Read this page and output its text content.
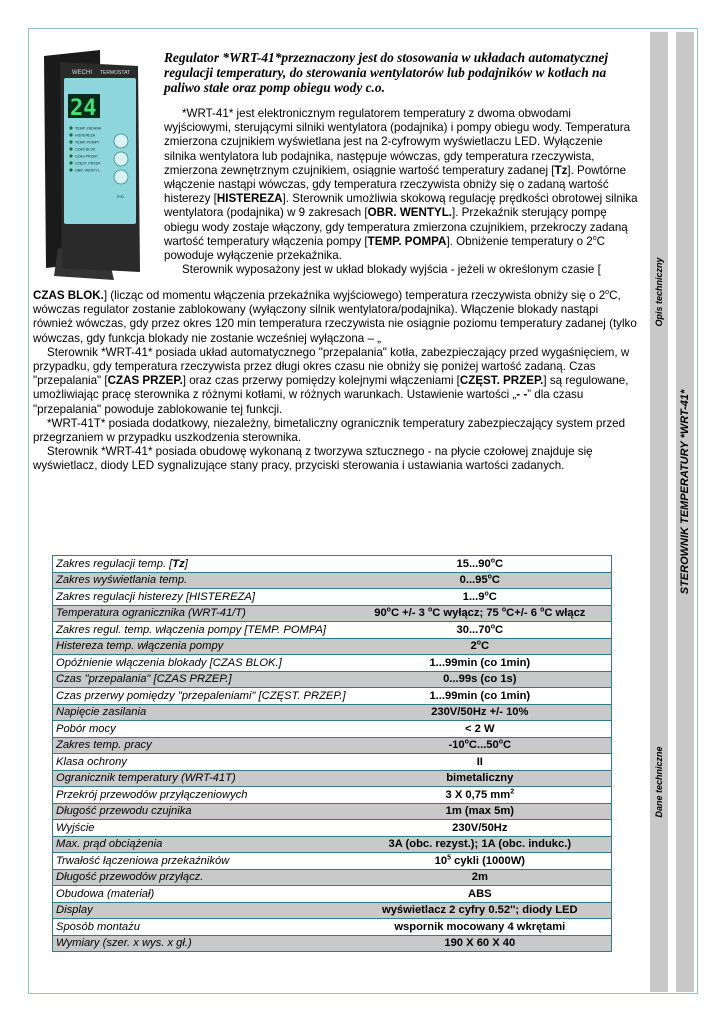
Opis techniczny
Dane techniczne
STEROWNIK TEMPERATURY *WRT-41*
WECHI TERMOSTAT
24
TEMP. ZADANA
HISTEREZA
TEMP. POMPY
CZAS BLOK.
CZAS PRZEP.
CZĘST. PRZEP.
OBR. WENTYL.
P/D

Regulator *WRT-41*przeznaczony jest do stosowania w układach automatycznej regulacji temperatury, do sterowania wentylatorów lub podajników w kotłach na paliwo stałe oraz pomp obiegu wody c.o.

*WRT-41* jest elektronicznym regulatorem temperatury z dwoma obwodami wyjściowymi, sterującymi silniki wentylatora (podajnika) i pompy obiegu wody. Temperatura zmierzona czujnikiem wyświetlana jest na 2-cyfrowym wyświetlaczu LED. Wyłączenie silnika wentylatora lub podajnika, następuje wówczas, gdy temperatura rzeczywista, zmierzona zewnętrznym czujnikiem, osiągnie wartość temperatury zadanej [Tz]. Powtórne włączenie nastąpi wówczas, gdy temperatura rzeczywista obniży się o zadaną wartość histerezy [HISTEREZA]. Sterownik umożliwia skokową regulację prędkości obrotowej silnika wentylatora (podajnika) w 9 zakresach [OBR. WENTYL.]. Przekaźnik sterujący pompę obiegu wody zostaje włączony, gdy temperatura zmierzona czujnikiem, przekroczy zadaną wartość temperatury włączenia pompy [TEMP. POMPA]. Obniżenie temperatury o 2$^o$C powoduje wyłączenie przekaźnika.
Sterownik wyposażony jest w układ blokady wyjścia - jeżeli w określonym czasie [

CZAS BLOK.] (licząc od momentu włączenia przekaźnika wyjściowego) temperatura rzeczywista obniży się o 2$^o$C, wówczas regulator zostanie zablokowany (wyłączony silnik wentylatora/podajnika). Włączenie blokady nastąpi również wówczas, gdy przez okres 120 min temperatura rzeczywista nie osiągnie poziomu temperatury zadanej (tylko wówczas, gdy funkcja blokady nie zostanie wcześniej wyłączona – „
Sterownik *WRT-41* posiada układ automatycznego "przepalania" kotła, zabezpieczający przed wygaśnięciem, w przypadku, gdy temperatura rzeczywista przez długi okres czasu nie obniży się poniżej wartość zadaną. Czas "przepalania" [CZAS PRZEP.] oraz czas przerwy pomiędzy kolejnymi włączeniami [CZĘST. PRZEP.] są regulowane, umożliwiając pracę sterownika z różnymi kotłami, w różnych warunkach. Ustawienie wartości „- -” dla czasu "przepalania" powoduje zablokowanie tej funkcji.
*WRT-41T* posiada dodatkowy, niezależny, bimetaliczny ogranicznik temperatury zabezpieczający system przed przegrzaniem w przypadku uszkodzenia sterownika.
Sterownik *WRT-41* posiada obudowę wykonaną z tworzywa sztucznego - na płycie czołowej znajduje się wyświetlacz, diody LED sygnalizujące stany pracy, przyciski sterowania i ustawiania wartości zadanych.

Zakres regulacji temp. [Tz]	15...90$^o$C
Zakres wyświetlania temp.	0...95$^o$C
Zakres regulacji histerezy [HISTEREZA]	1...9$^o$C
Temperatura ogranicznika (WRT-41/T)	$90^oC$ +/- 3 $^o$C wyłącz; 75 $^o$C+/- 6 $^o$C włącz
Zakres regul. temp. włączenia pompy [TEMP. POMPA]	30...70$^o$C
Histereza temp. włączenia pompy	2$^o$C
Opóźnienie włączenia blokady [CZAS BLOK.]	1...99min (co 1min)
Czas "przepalania" [CZAS PRZEP.]	0...99s (co 1s)
Czas przerwy pomiędzy "przepaleniami" [CZĘST. PRZEP.]	1...99min (co 1min)
Napięcie zasilania	230V/50Hz +/- 10%
Pobór mocy	< 2 W
Zakres temp. pracy	-10$^o$C...50$^o$C
Klasa ochrony	II
Ogranicznik temperatury (WRT-41T)	bimetaliczny
Przekrój przewodów przyłączeniowych	3 X 0,75 $mm^2$
Długość przewodu czujnika	1m (max 5m)
Wyjście	230V/50Hz
Max. prąd obciążenia	3A (obc. rezyst.); 1A (obc. indukc.)
Trwałość łączeniowa przekaźników	$10^5$ cykli (1000W)
Długość przewodów przyłącz.	2m
Obudowa (materiał)	ABS
Display	wyświetlacz 2 cyfry 0.52''; diody LED
Sposób montażu	wspornik mocowany 4 wkrętami
Wymiary (szer. x wys. x gł.)	190 X 60 X 40
